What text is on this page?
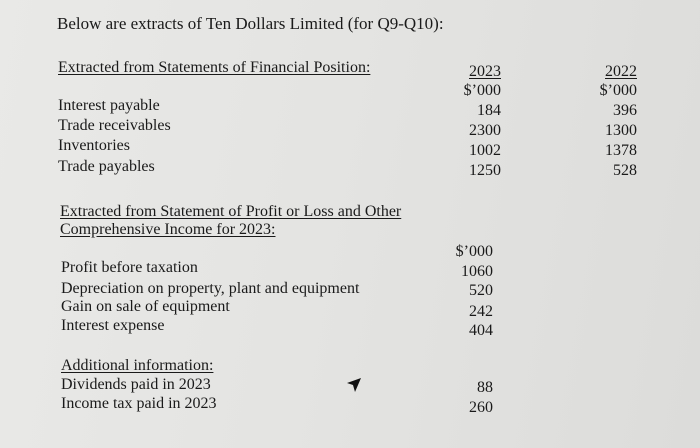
Below are extracts of Ten Dollars Limited (for Q9-Q10):
Extracted from Statements of Financial Position:	2023	2022
$’000	$’000
Interest payable	184	396
Trade receivables	2300	1300
Inventories	1002	1378
Trade payables	1250	528
Extracted from Statement of Profit or Loss and Other
Comprehensive Income for 2023:
$’000
Profit before taxation	1060
Depreciation on property, plant and equipment	520
Gain on sale of equipment	242
Interest expense	404
Additional information:
Dividends paid in 2023	88
Income tax paid in 2023	260
